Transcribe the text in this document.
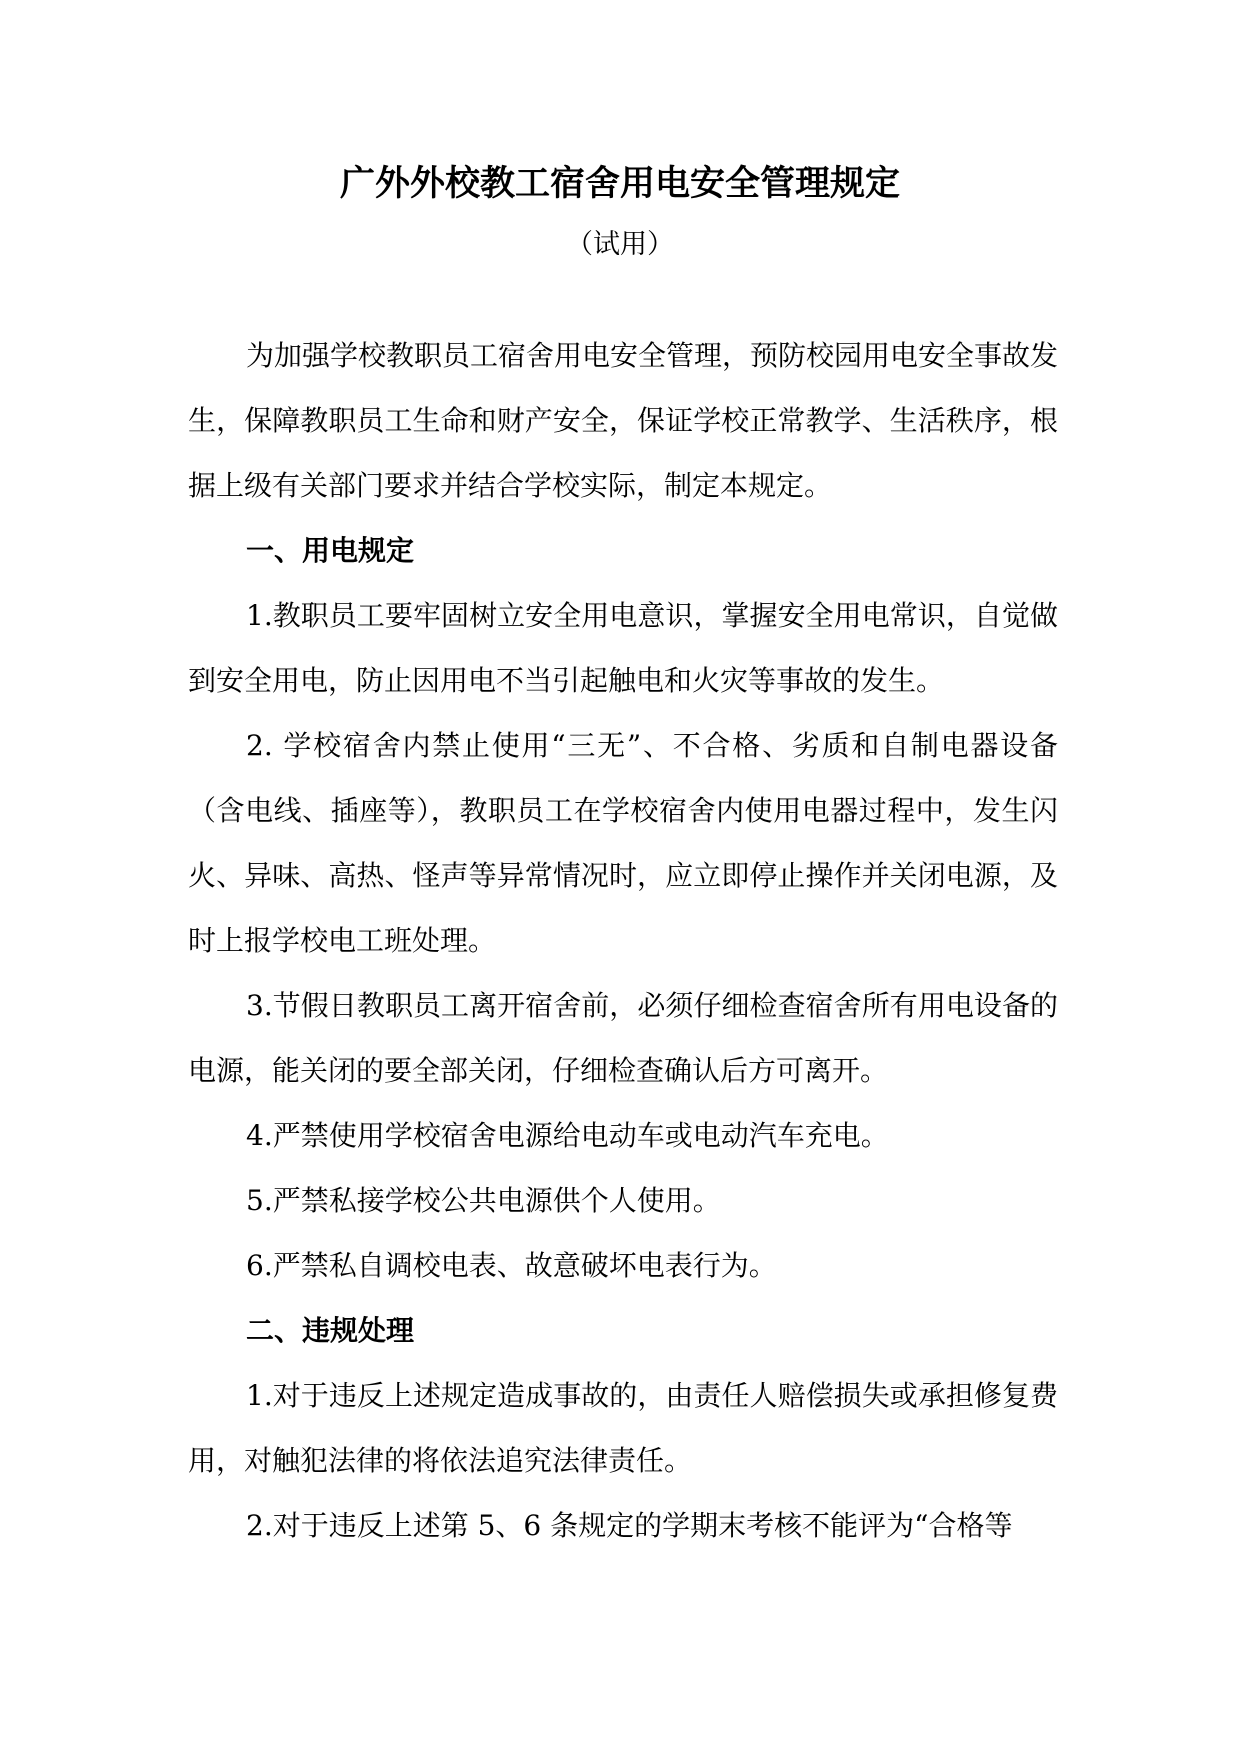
广外外校教工宿舍用电安全管理规定
（试用）

为加强学校教职员工宿舍用电安全管理，预防校园用电安全事故发生，保障教职员工生命和财产安全，保证学校正常教学、生活秩序，根据上级有关部门要求并结合学校实际，制定本规定。

一、用电规定

1.教职员工要牢固树立安全用电意识，掌握安全用电常识，自觉做到安全用电，防止因用电不当引起触电和火灾等事故的发生。

2. 学校宿舍内禁止使用“三无”、不合格、劣质和自制电器设备（含电线、插座等），教职员工在学校宿舍内使用电器过程中，发生闪火、异味、高热、怪声等异常情况时，应立即停止操作并关闭电源，及时上报学校电工班处理。

3.节假日教职员工离开宿舍前，必须仔细检查宿舍所有用电设备的电源，能关闭的要全部关闭，仔细检查确认后方可离开。

4.严禁使用学校宿舍电源给电动车或电动汽车充电。

5.严禁私接学校公共电源供个人使用。

6.严禁私自调校电表、故意破坏电表行为。

二、违规处理

1.对于违反上述规定造成事故的，由责任人赔偿损失或承担修复费用，对触犯法律的将依法追究法律责任。

2.对于违反上述第 5、6 条规定的学期末考核不能评为“合格等
